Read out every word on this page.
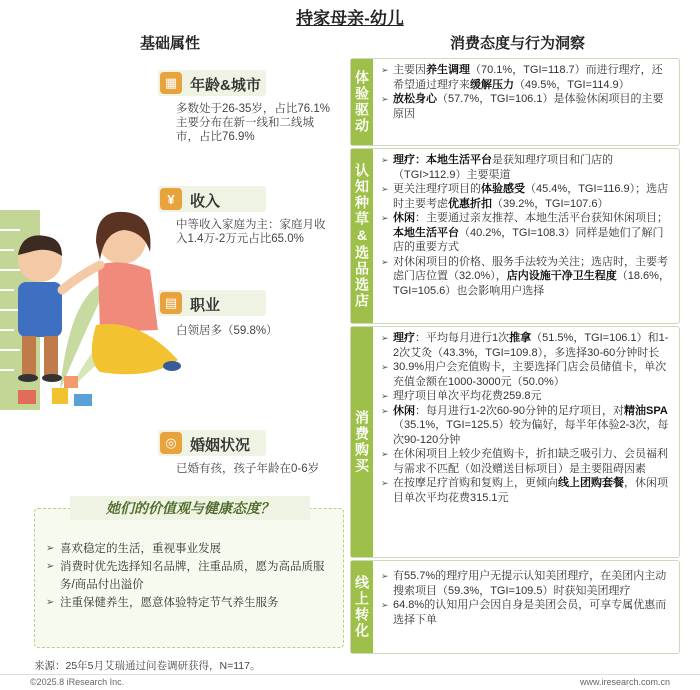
持家母亲-幼儿
基础属性	消费态度与行为洞察
▦ 年龄&城市
多数处于26-35岁，占比76.1%
主要分布在新一线和二线城市，占比76.9%
¥	收入
中等收入家庭为主：家庭月收入1.4万-2万元占比65.0%
▤ 职业
白领居多（59.8%）
◎ 婚姻状况
已婚有孩，孩子年龄在0-6岁
她们的价值观与健康态度？
➢ 喜欢稳定的生活，重视事业发展
➢ 消费时优先选择知名品牌，注重品质，愿为高品质服务/商品付出溢价
➢ 注重保健养生，愿意体验特定节气养生服务
体验驱动	➢ 主要因养生调理（70.1%，TGI=118.7）而进行理疗，还希望通过理疗来缓解压力（49.5%，TGI=114.9）
➢ 放松身心（57.7%，TGI=106.1）是体验休闲项目的主要原因
认知种草&选品选店
➢ 理疗：本地生活平台是获知理疗项目和门店的（TGI>112.9）主要渠道
➢ 更关注理疗项目的体验感受（45.4%，TGI=116.9）；选店时主要考虑优惠折扣（39.2%，TGI=107.6）
➢ 休闲：主要通过亲友推荐、本地生活平台获知休闲项目；本地生活平台（40.2%，TGI=108.3）同样是她们了解门店的重要方式
➢ 对休闲项目的价格、服务手法较为关注；选店时，主要考虑门店位置（32.0%），店内设施干净卫生程度（18.6%，TGI=105.6）也会影响用户选择
消费购买
➢ 理疗：平均每月进行1次推拿（51.5%，TGI=106.1）和1-2次艾灸（43.3%，TGI=109.8），多选择30-60分钟时长
➢ 30.9%用户会充值购卡，主要选择门店会员储值卡，单次充值金额在1000-3000元（50.0%）
➢ 理疗项目单次平均花费259.8元
➢ 休闲：每月进行1-2次60-90分钟的足疗项目，对精油SPA（35.1%，TGI=125.5）较为偏好，每半年体验2-3次，每次90-120分钟
➢ 在休闲项目上较少充值购卡，折扣缺乏吸引力、会员福利与需求不匹配（如没赠送目标项目）是主要阻碍因素
➢ 在按摩足疗首购和复购上，更倾向线上团购套餐，休闲项目单次平均花费315.1元
线上转化	➢ 有55.7%的理疗用户无提示认知美团理疗，在美团内主动搜索项目（59.3%，TGI=109.5）时获知美团理疗
➢ 64.8%的认知用户会因自身是美团会员，可享专属优惠而选择下单
来源：25年5月艾瑞通过问卷调研获得，N=117。
©2025.8 iResearch Inc.	www.iresearch.com.cn
